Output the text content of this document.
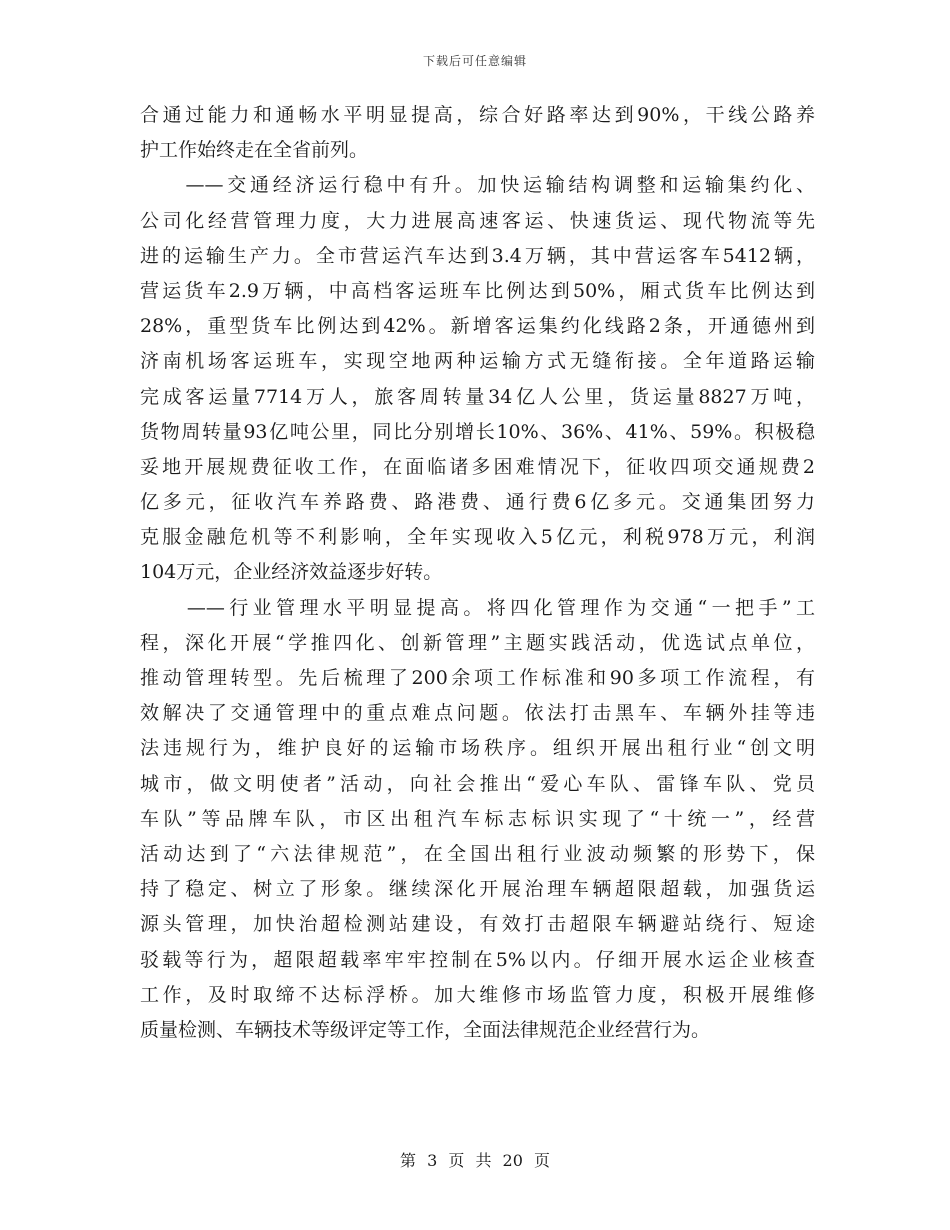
下载后可任意编辑
合通过能力和通畅水平明显提高，综合好路率达到90%，干线公路养
护工作始终走在全省前列。
　　——交通经济运行稳中有升。加快运输结构调整和运输集约化、
公司化经营管理力度，大力进展高速客运、快速货运、现代物流等先
进的运输生产力。全市营运汽车达到3.4万辆，其中营运客车5412辆，
营运货车2.9万辆，中高档客运班车比例达到50%，厢式货车比例达到
28%，重型货车比例达到42%。新增客运集约化线路2条，开通德州到
济南机场客运班车，实现空地两种运输方式无缝衔接。全年道路运输
完成客运量7714万人，旅客周转量34亿人公里，货运量8827万吨，
货物周转量93亿吨公里，同比分别增长10%、36%、41%、59%。积极稳
妥地开展规费征收工作，在面临诸多困难情况下，征收四项交通规费2
亿多元，征收汽车养路费、路港费、通行费6亿多元。交通集团努力
克服金融危机等不利影响，全年实现收入5亿元，利税978万元，利润
104万元，企业经济效益逐步好转。
　　——行业管理水平明显提高。将四化管理作为交通“一把手”工
程，深化开展“学推四化、创新管理”主题实践活动，优选试点单位，
推动管理转型。先后梳理了200余项工作标准和90多项工作流程，有
效解决了交通管理中的重点难点问题。依法打击黑车、车辆外挂等违
法违规行为，维护良好的运输市场秩序。组织开展出租行业“创文明
城市，做文明使者”活动，向社会推出“爱心车队、雷锋车队、党员
车队”等品牌车队，市区出租汽车标志标识实现了“十统一”，经营
活动达到了“六法律规范”，在全国出租行业波动频繁的形势下，保
持了稳定、树立了形象。继续深化开展治理车辆超限超载，加强货运
源头管理，加快治超检测站建设，有效打击超限车辆避站绕行、短途
驳载等行为，超限超载率牢牢控制在5%以内。仔细开展水运企业核查
工作，及时取缔不达标浮桥。加大维修市场监管力度，积极开展维修
质量检测、车辆技术等级评定等工作，全面法律规范企业经营行为。
第 3 页 共 20 页
